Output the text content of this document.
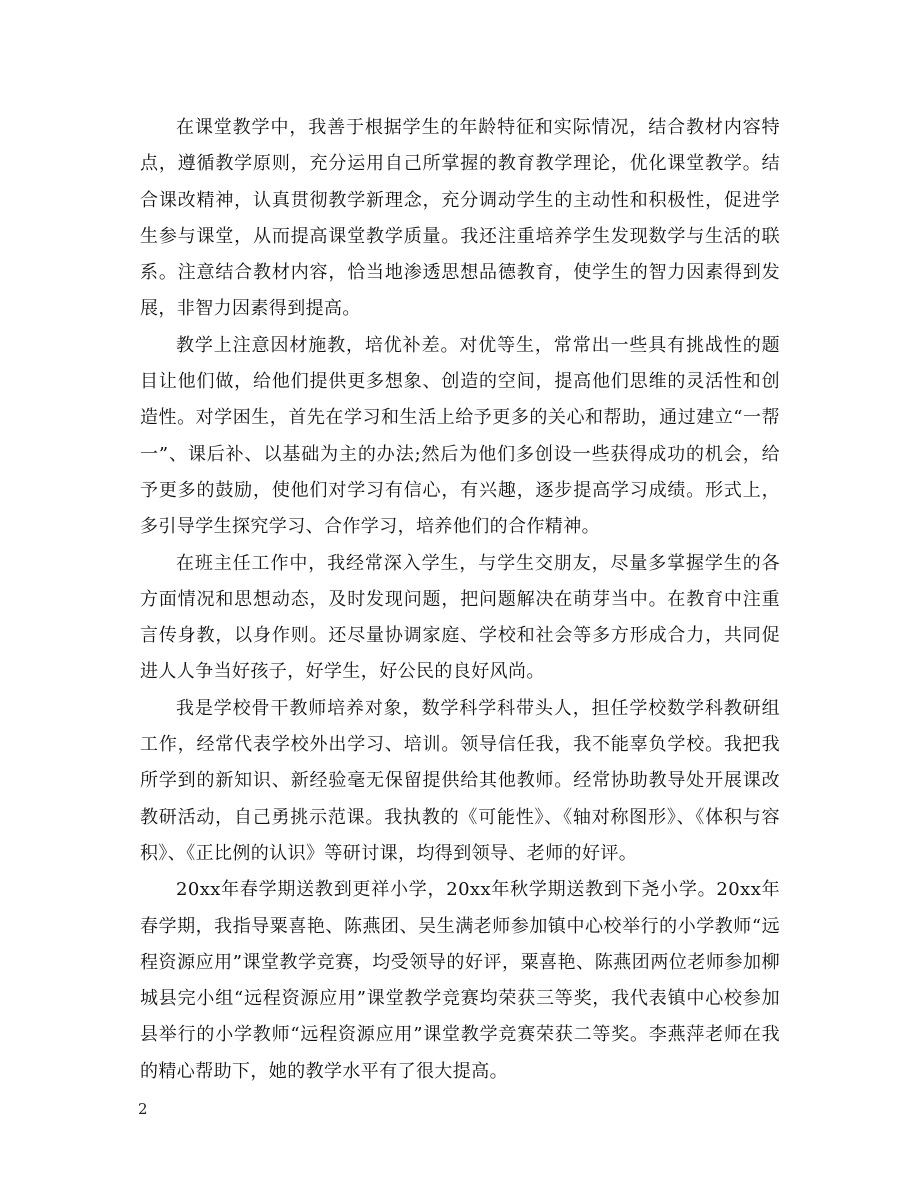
在课堂教学中，我善于根据学生的年龄特征和实际情况，结合教材内容特点，遵循教学原则，充分运用自己所掌握的教育教学理论，优化课堂教学。结合课改精神，认真贯彻教学新理念，充分调动学生的主动性和积极性，促进学生参与课堂，从而提高课堂教学质量。我还注重培养学生发现数学与生活的联系。注意结合教材内容，恰当地渗透思想品德教育，使学生的智力因素得到发展，非智力因素得到提高。

教学上注意因材施教，培优补差。对优等生，常常出一些具有挑战性的题目让他们做，给他们提供更多想象、创造的空间，提高他们思维的灵活性和创造性。对学困生，首先在学习和生活上给予更多的关心和帮助，通过建立“一帮一”、课后补、以基础为主的办法;然后为他们多创设一些获得成功的机会，给予更多的鼓励，使他们对学习有信心，有兴趣，逐步提高学习成绩。形式上，多引导学生探究学习、合作学习，培养他们的合作精神。

在班主任工作中，我经常深入学生，与学生交朋友，尽量多掌握学生的各方面情况和思想动态，及时发现问题，把问题解决在萌芽当中。在教育中注重言传身教，以身作则。还尽量协调家庭、学校和社会等多方形成合力，共同促进人人争当好孩子，好学生，好公民的良好风尚。

我是学校骨干教师培养对象，数学科学科带头人，担任学校数学科教研组工作，经常代表学校外出学习、培训。领导信任我，我不能辜负学校。我把我所学到的新知识、新经验毫无保留提供给其他教师。经常协助教导处开展课改教研活动，自己勇挑示范课。我执教的《可能性》、《轴对称图形》、《体积与容积》、《正比例的认识》等研讨课，均得到领导、老师的好评。

20xx年春学期送教到更祥小学，20xx年秋学期送教到下尧小学。20xx年春学期，我指导粟喜艳、陈燕团、吴生满老师参加镇中心校举行的小学教师“远程资源应用”课堂教学竞赛，均受领导的好评，粟喜艳、陈燕团两位老师参加柳城县完小组“远程资源应用”课堂教学竞赛均荣获三等奖，我代表镇中心校参加县举行的小学教师“远程资源应用”课堂教学竞赛荣获二等奖。李燕萍老师在我的精心帮助下，她的教学水平有了很大提高。

2
